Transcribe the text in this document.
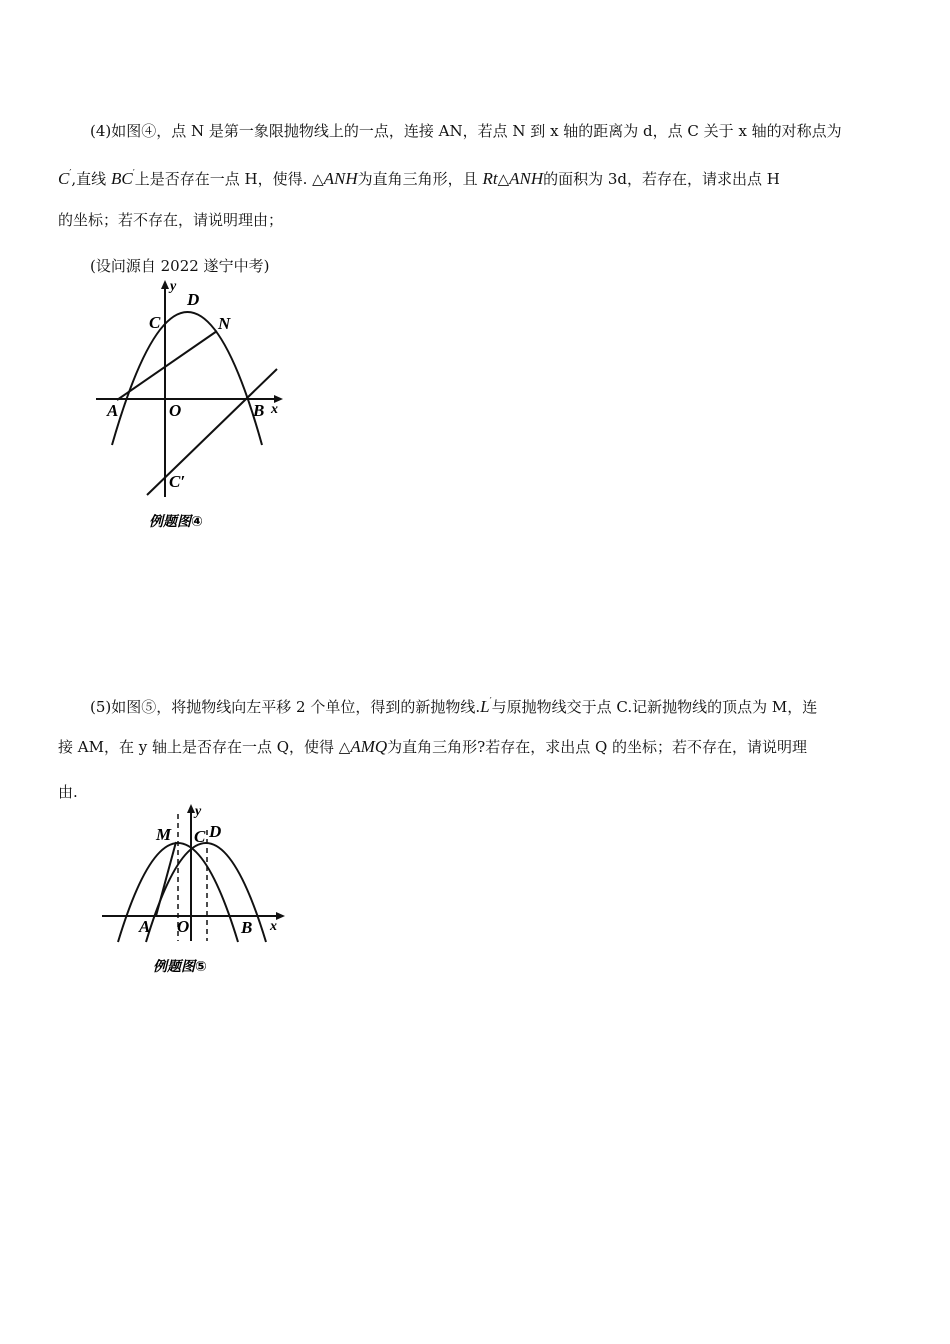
(4)如图④，点 N 是第一象限抛物线上的一点，连接 AN，若点 N 到 x 轴的距离为 d，点 C 关于 x 轴的对称点为
C′,直线 BC′上是否存在一点 H，使得. △ANH为直角三角形，且 Rt△ANH的面积为 3d，若存在，请求出点 H
的坐标；若不存在，请说明理由；
(设问源自 2022 遂宁中考)
y
D
C	N
A	O	B x
C′
例题图④
(5)如图⑤，将抛物线向左平移 2 个单位，得到的新抛物线.L′与原抛物线交于点 C.记新抛物线的顶点为 M，连
接 AM，在 y 轴上是否存在一点 Q，使得 △AMQ为直角三角形?若存在，求出点 Q 的坐标；若不存在，请说明理
由.
y
M C D
A O	B x
例题图⑤
